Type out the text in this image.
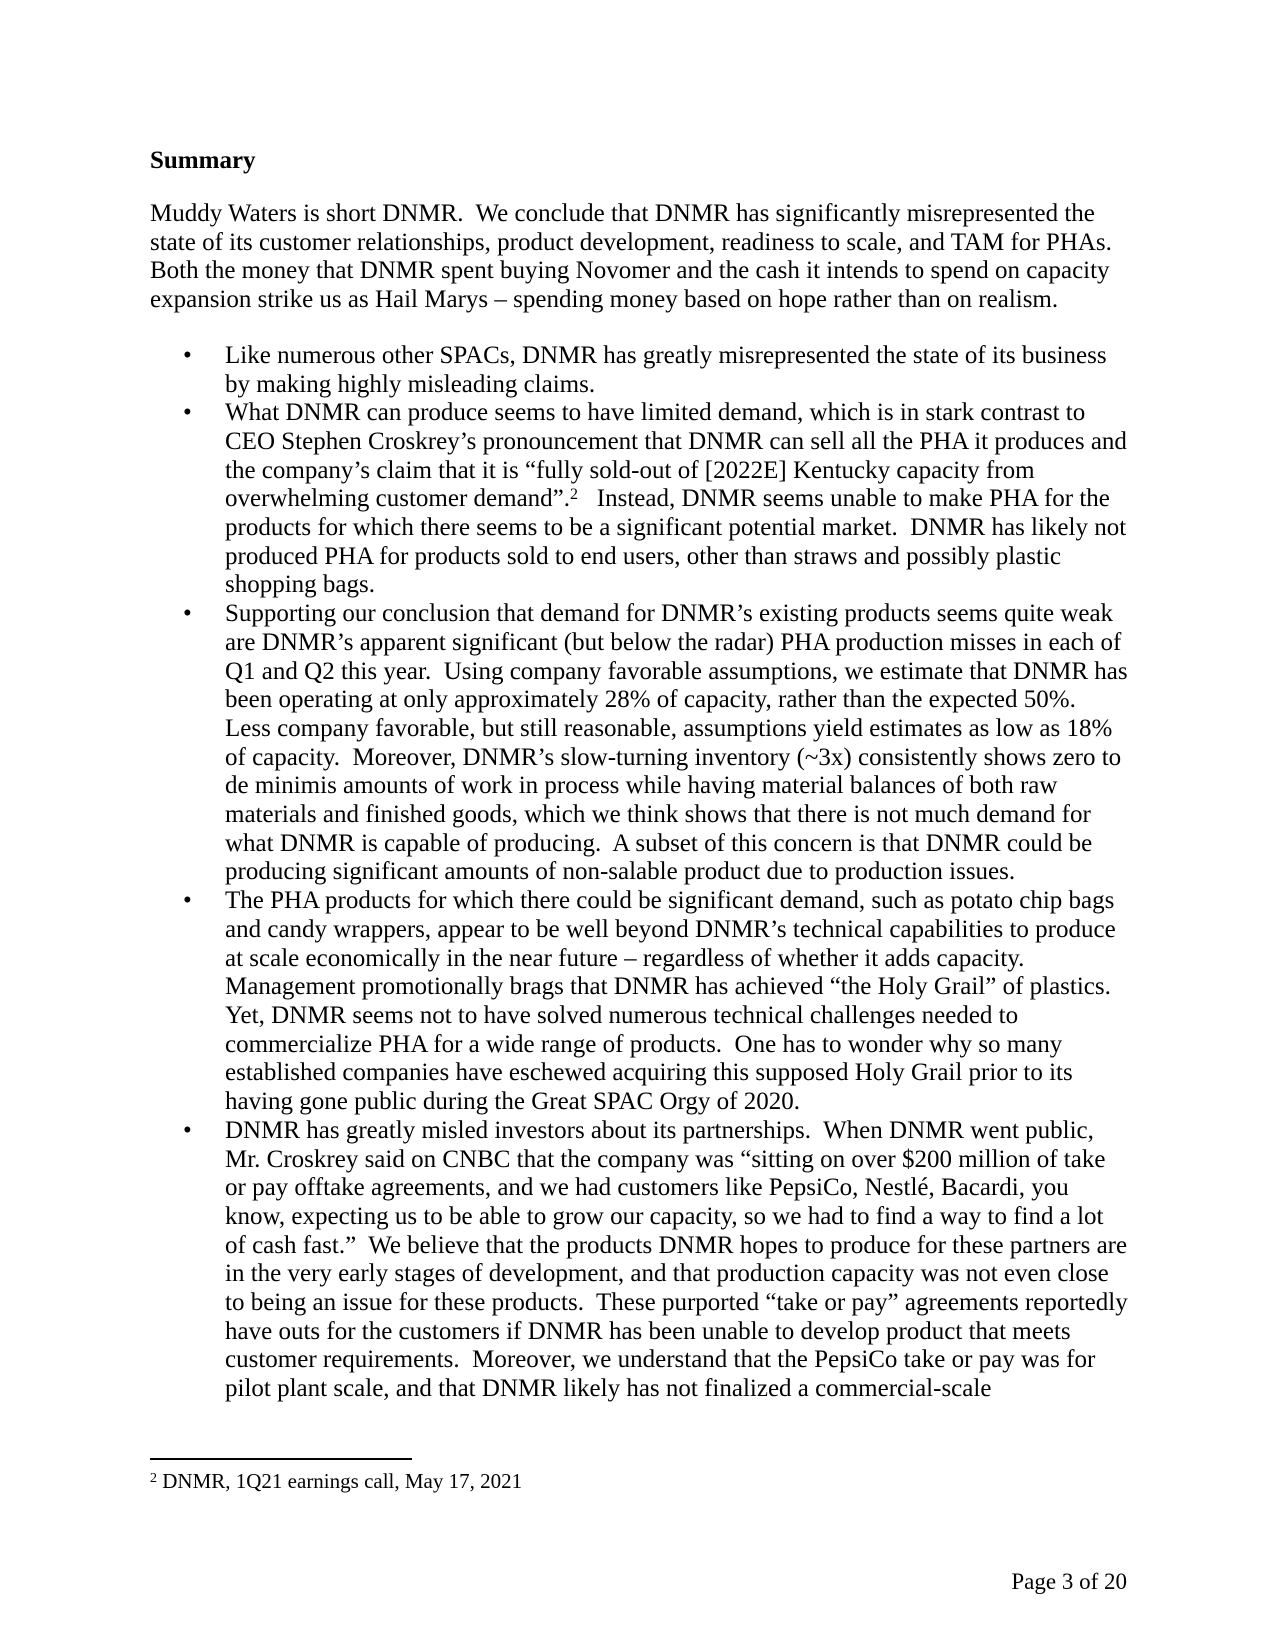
Summary

Muddy Waters is short DNMR.  We conclude that DNMR has significantly misrepresented the state of its customer relationships, product development, readiness to scale, and TAM for PHAs.  Both the money that DNMR spent buying Novomer and the cash it intends to spend on capacity expansion strike us as Hail Marys – spending money based on hope rather than on realism.

• Like numerous other SPACs, DNMR has greatly misrepresented the state of its business by making highly misleading claims.
• What DNMR can produce seems to have limited demand, which is in stark contrast to CEO Stephen Croskrey’s pronouncement that DNMR can sell all the PHA it produces and the company’s claim that it is “fully sold-out of [2022E] Kentucky capacity from overwhelming customer demand”.$^2$   Instead, DNMR seems unable to make PHA for the products for which there seems to be a significant potential market.  DNMR has likely not produced PHA for products sold to end users, other than straws and possibly plastic shopping bags.
• Supporting our conclusion that demand for DNMR’s existing products seems quite weak are DNMR’s apparent significant (but below the radar) PHA production misses in each of Q1 and Q2 this year.  Using company favorable assumptions, we estimate that DNMR has been operating at only approximately 28% of capacity, rather than the expected 50%.  Less company favorable, but still reasonable, assumptions yield estimates as low as 18% of capacity.  Moreover, DNMR’s slow-turning inventory (~3x) consistently shows zero to de minimis amounts of work in process while having material balances of both raw materials and finished goods, which we think shows that there is not much demand for what DNMR is capable of producing.  A subset of this concern is that DNMR could be producing significant amounts of non-salable product due to production issues.
• The PHA products for which there could be significant demand, such as potato chip bags and candy wrappers, appear to be well beyond DNMR’s technical capabilities to produce at scale economically in the near future – regardless of whether it adds capacity.  Management promotionally brags that DNMR has achieved “the Holy Grail” of plastics.  Yet, DNMR seems not to have solved numerous technical challenges needed to commercialize PHA for a wide range of products.  One has to wonder why so many established companies have eschewed acquiring this supposed Holy Grail prior to its having gone public during the Great SPAC Orgy of 2020.
• DNMR has greatly misled investors about its partnerships.  When DNMR went public, Mr. Croskrey said on CNBC that the company was “sitting on over $200 million of take or pay offtake agreements, and we had customers like PepsiCo, Nestlé, Bacardi, you know, expecting us to be able to grow our capacity, so we had to find a way to find a lot of cash fast.”  We believe that the products DNMR hopes to produce for these partners are in the very early stages of development, and that production capacity was not even close to being an issue for these products.  These purported “take or pay” agreements reportedly have outs for the customers if DNMR has been unable to develop product that meets customer requirements.  Moreover, we understand that the PepsiCo take or pay was for pilot plant scale, and that DNMR likely has not finalized a commercial-scale
$^2$ DNMR, 1Q21 earnings call, May 17, 2021
Page 3 of 20
